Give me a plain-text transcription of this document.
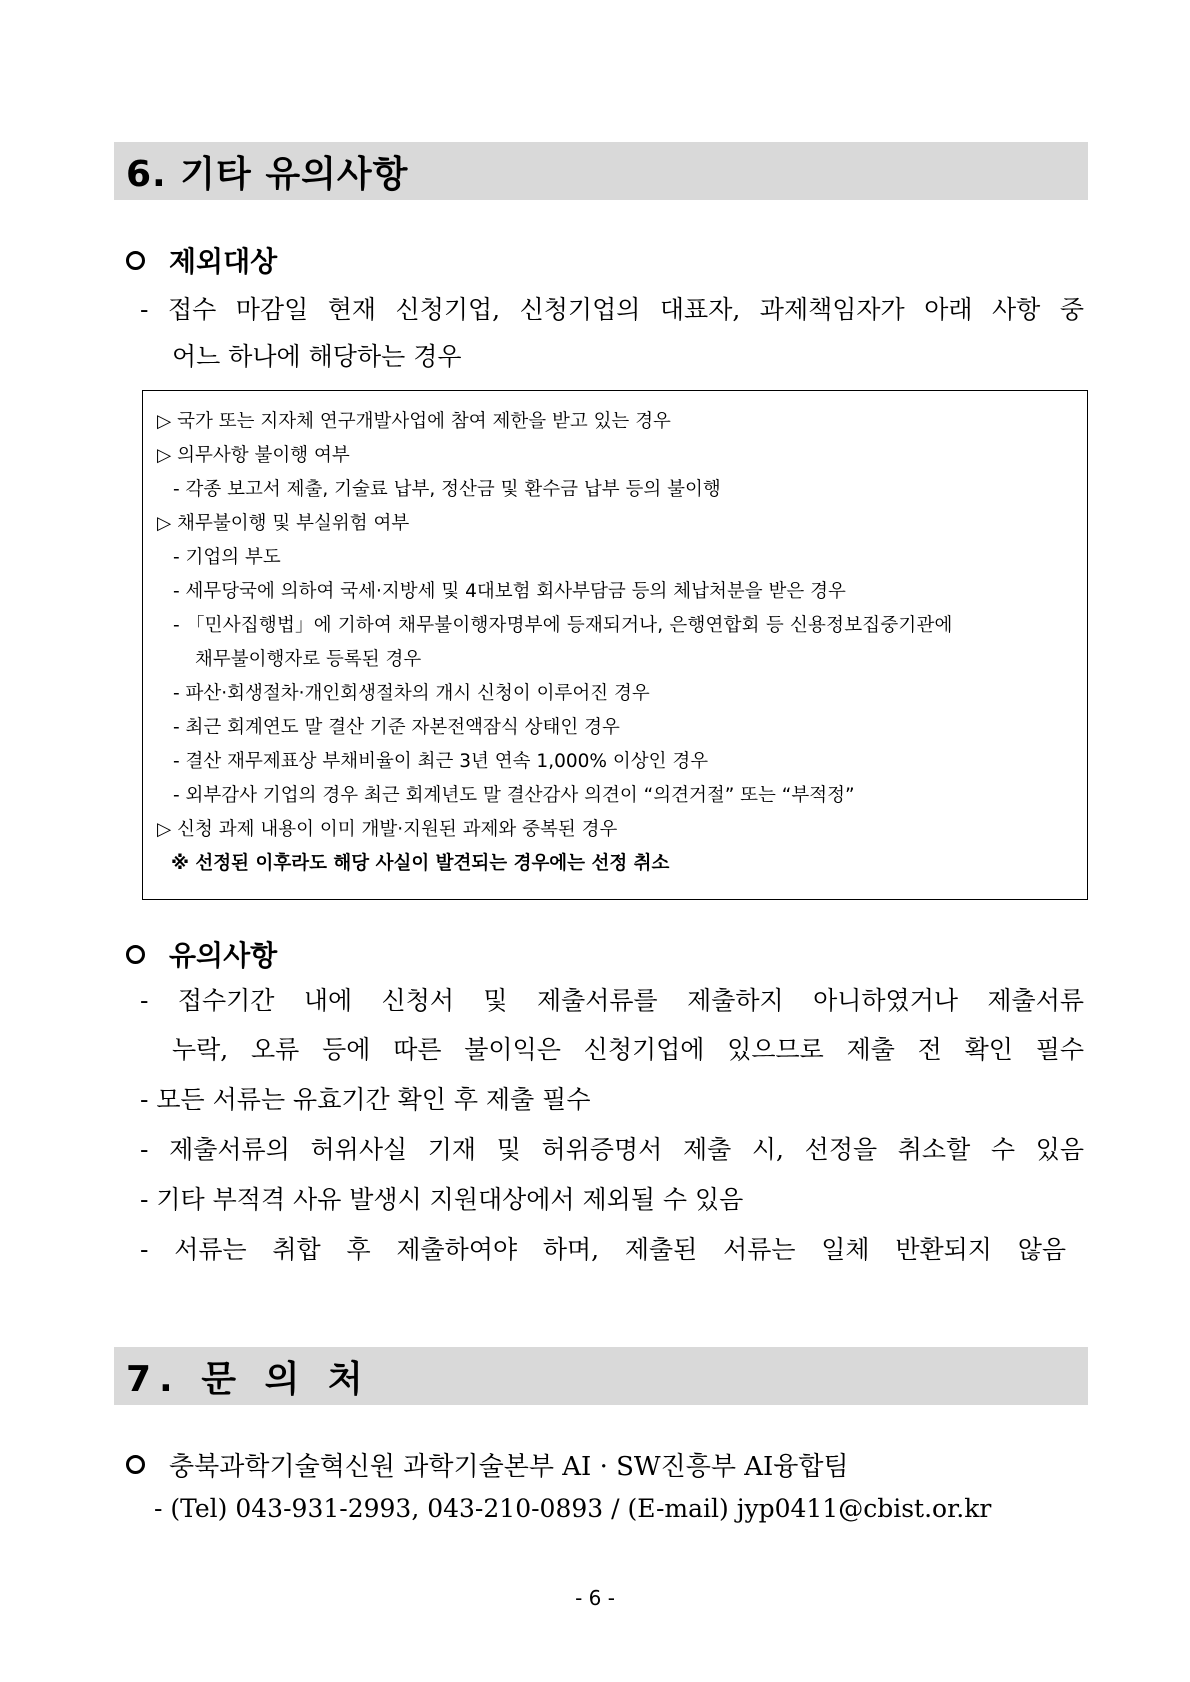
6. 기타 유의사항
제외대상
- 접수 마감일 현재 신청기업, 신청기업의 대표자, 과제책임자가 아래 사항 중
어느 하나에 해당하는 경우
▷ 국가 또는 지자체 연구개발사업에 참여 제한을 받고 있는 경우
▷ 의무사항 불이행 여부
- 각종 보고서 제출, 기술료 납부, 정산금 및 환수금 납부 등의 불이행
▷ 채무불이행 및 부실위험 여부
- 기업의 부도
- 세무당국에 의하여 국세·지방세 및 4대보험 회사부담금 등의 체납처분을 받은 경우
- 「민사집행법」에 기하여 채무불이행자명부에 등재되거나, 은행연합회 등 신용정보집중기관에
채무불이행자로 등록된 경우
- 파산·회생절차·개인회생절차의 개시 신청이 이루어진 경우
- 최근 회계연도 말 결산 기준 자본전액잠식 상태인 경우
- 결산 재무제표상 부채비율이 최근 3년 연속 1,000% 이상인 경우
- 외부감사 기업의 경우 최근 회계년도 말 결산감사 의견이 “의견거절” 또는 “부적정”
▷ 신청 과제 내용이 이미 개발·지원된 과제와 중복된 경우
※ 선정된 이후라도 해당 사실이 발견되는 경우에는 선정 취소
유의사항
- 접수기간 내에 신청서 및 제출서류를 제출하지 아니하였거나 제출서류
누락, 오류 등에 따른 불이익은 신청기업에 있으므로 제출 전 확인 필수
- 모든 서류는 유효기간 확인 후 제출 필수
- 제출서류의 허위사실 기재 및 허위증명서 제출 시, 선정을 취소할 수 있음
- 기타 부적격 사유 발생시 지원대상에서 제외될 수 있음
- 서류는 취합 후 제출하여야 하며, 제출된 서류는 일체 반환되지 않음
7. 문 의 처
충북과학기술혁신원 과학기술본부 AI · SW진흥부 AI융합팀
- (Tel) 043-931-2993, 043-210-0893 / (E-mail) jyp0411@cbist.or.kr
- 6 -
